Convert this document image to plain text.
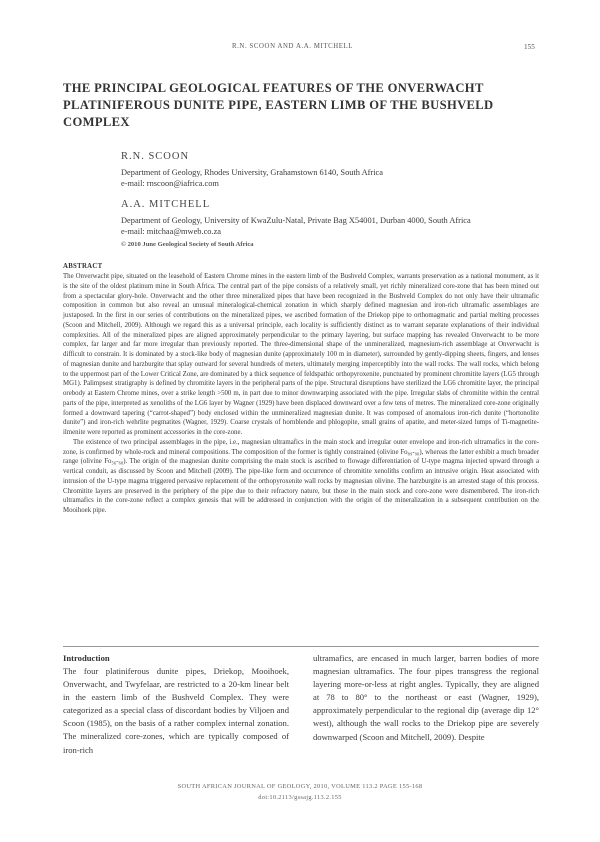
R.N. SCOON AND A.A. MITCHELL	155
THE PRINCIPAL GEOLOGICAL FEATURES OF THE ONVERWACHT PLATINIFEROUS DUNITE PIPE, EASTERN LIMB OF THE BUSHVELD COMPLEX
R.N. SCOON
Department of Geology, Rhodes University, Grahamstown 6140, South Africa
e-mail: rnscoon@iafrica.com
A.A. MITCHELL
Department of Geology, University of KwaZulu-Natal, Private Bag X54001, Durban 4000, South Africa
e-mail: mitchaa@mweb.co.za
© 2010 June Geological Society of South Africa
ABSTRACT

The Onverwacht pipe, situated on the leasehold of Eastern Chrome mines in the eastern limb of the Bushveld Complex, warrants preservation as a national monument, as it is the site of the oldest platinum mine in South Africa. The central part of the pipe consists of a relatively small, yet richly mineralized core-zone that has been mined out from a spectacular glory-hole. Onverwacht and the other three mineralized pipes that have been recognized in the Bushveld Complex do not only have their ultramafic composition in common but also reveal an unusual mineralogical-chemical zonation in which sharply defined magnesian and iron-rich ultramafic assemblages are juxtaposed. In the first in our series of contributions on the mineralized pipes, we ascribed formation of the Driekop pipe to orthomagmatic and partial melting processes (Scoon and Mitchell, 2009). Although we regard this as a universal principle, each locality is sufficiently distinct as to warrant separate explanations of their individual complexities. All of the mineralized pipes are aligned approximately perpendicular to the primary layering, but surface mapping has revealed Onverwacht to be more complex, far larger and far more irregular than previously reported. The three-dimensional shape of the unmineralized, magnesium-rich assemblage at Onverwacht is difficult to constrain. It is dominated by a stock-like body of magnesian dunite (approximately 100 m in diameter), surrounded by gently-dipping sheets, fingers, and lenses of magnesian dunite and harzburgite that splay outward for several hundreds of meters, ultimately merging imperceptibly into the wall rocks. The wall rocks, which belong to the uppermost part of the Lower Critical Zone, are dominated by a thick sequence of feldspathic orthopyroxenite, punctuated by prominent chromitite layers (LG5 through MG1). Palimpsest stratigraphy is defined by chromitite layers in the peripheral parts of the pipe. Structural disruptions have sterilized the LG6 chromitite layer, the principal orebody at Eastern Chrome mines, over a strike length >500 m, in part due to minor downwarping associated with the pipe. Irregular slabs of chromitite within the central parts of the pipe, interpreted as xenoliths of the LG6 layer by Wagner (1929) have been displaced downward over a few tens of metres. The mineralized core-zone originally formed a downward tapering (“carrot-shaped”) body enclosed within the unmineralized magnesian dunite. It was composed of anomalous iron-rich dunite (“hortonolite dunite”) and iron-rich wehrlite pegmatites (Wagner, 1929). Coarse crystals of hornblende and phlogopite, small grains of apatite, and meter-sized lumps of Ti-magnetite-ilmenite were reported as prominent accessories in the core-zone.

The existence of two principal assemblages in the pipe, i.e., magnesian ultramafics in the main stock and irregular outer envelope and iron-rich ultramafics in the core-zone, is confirmed by whole-rock and mineral compositions. The composition of the former is tightly constrained (olivine Fo₈₉-₉₀), whereas the latter exhibit a much broader range (olivine Fo₅₆-₆₈). The origin of the magnesian dunite comprising the main stock is ascribed to flowage differentiation of U-type magma injected upward through a vertical conduit, as discussed by Scoon and Mitchell (2009). The pipe-like form and occurrence of chromitite xenoliths confirm an intrusive origin. Heat associated with intrusion of the U-type magma triggered pervasive replacement of the orthopyroxenite wall rocks by magnesian olivine. The harzburgite is an arrested stage of this process. Chromitite layers are preserved in the periphery of the pipe due to their refractory nature, but those in the main stock and core-zone were dismembered. The iron-rich ultramafics in the core-zone reflect a complex genesis that will be addressed in conjunction with the origin of the mineralization in a subsequent contribution on the Mooihoek pipe.

Introduction

The four platiniferous dunite pipes, Driekop, Mooihoek, Onverwacht, and Twyfelaar, are restricted to a 20-km linear belt in the eastern limb of the Bushveld Complex. They were categorized as a special class of discordant bodies by Viljoen and Scoon (1985), on the basis of a rather complex internal zonation. The mineralized core-zones, which are typically composed of iron-rich

ultramafics, are encased in much larger, barren bodies of more magnesian ultramafics. The four pipes transgress the regional layering more-or-less at right angles. Typically, they are aligned at 78 to 80° to the northeast or east (Wagner, 1929), approximately perpendicular to the regional dip (average dip 12° west), although the wall rocks to the Driekop pipe are severely downwarped (Scoon and Mitchell, 2009). Despite

SOUTH AFRICAN JOURNAL OF GEOLOGY, 2010, VOLUME 113.2 PAGE 155-168
doi:10.2113/gssajg.113.2.155
